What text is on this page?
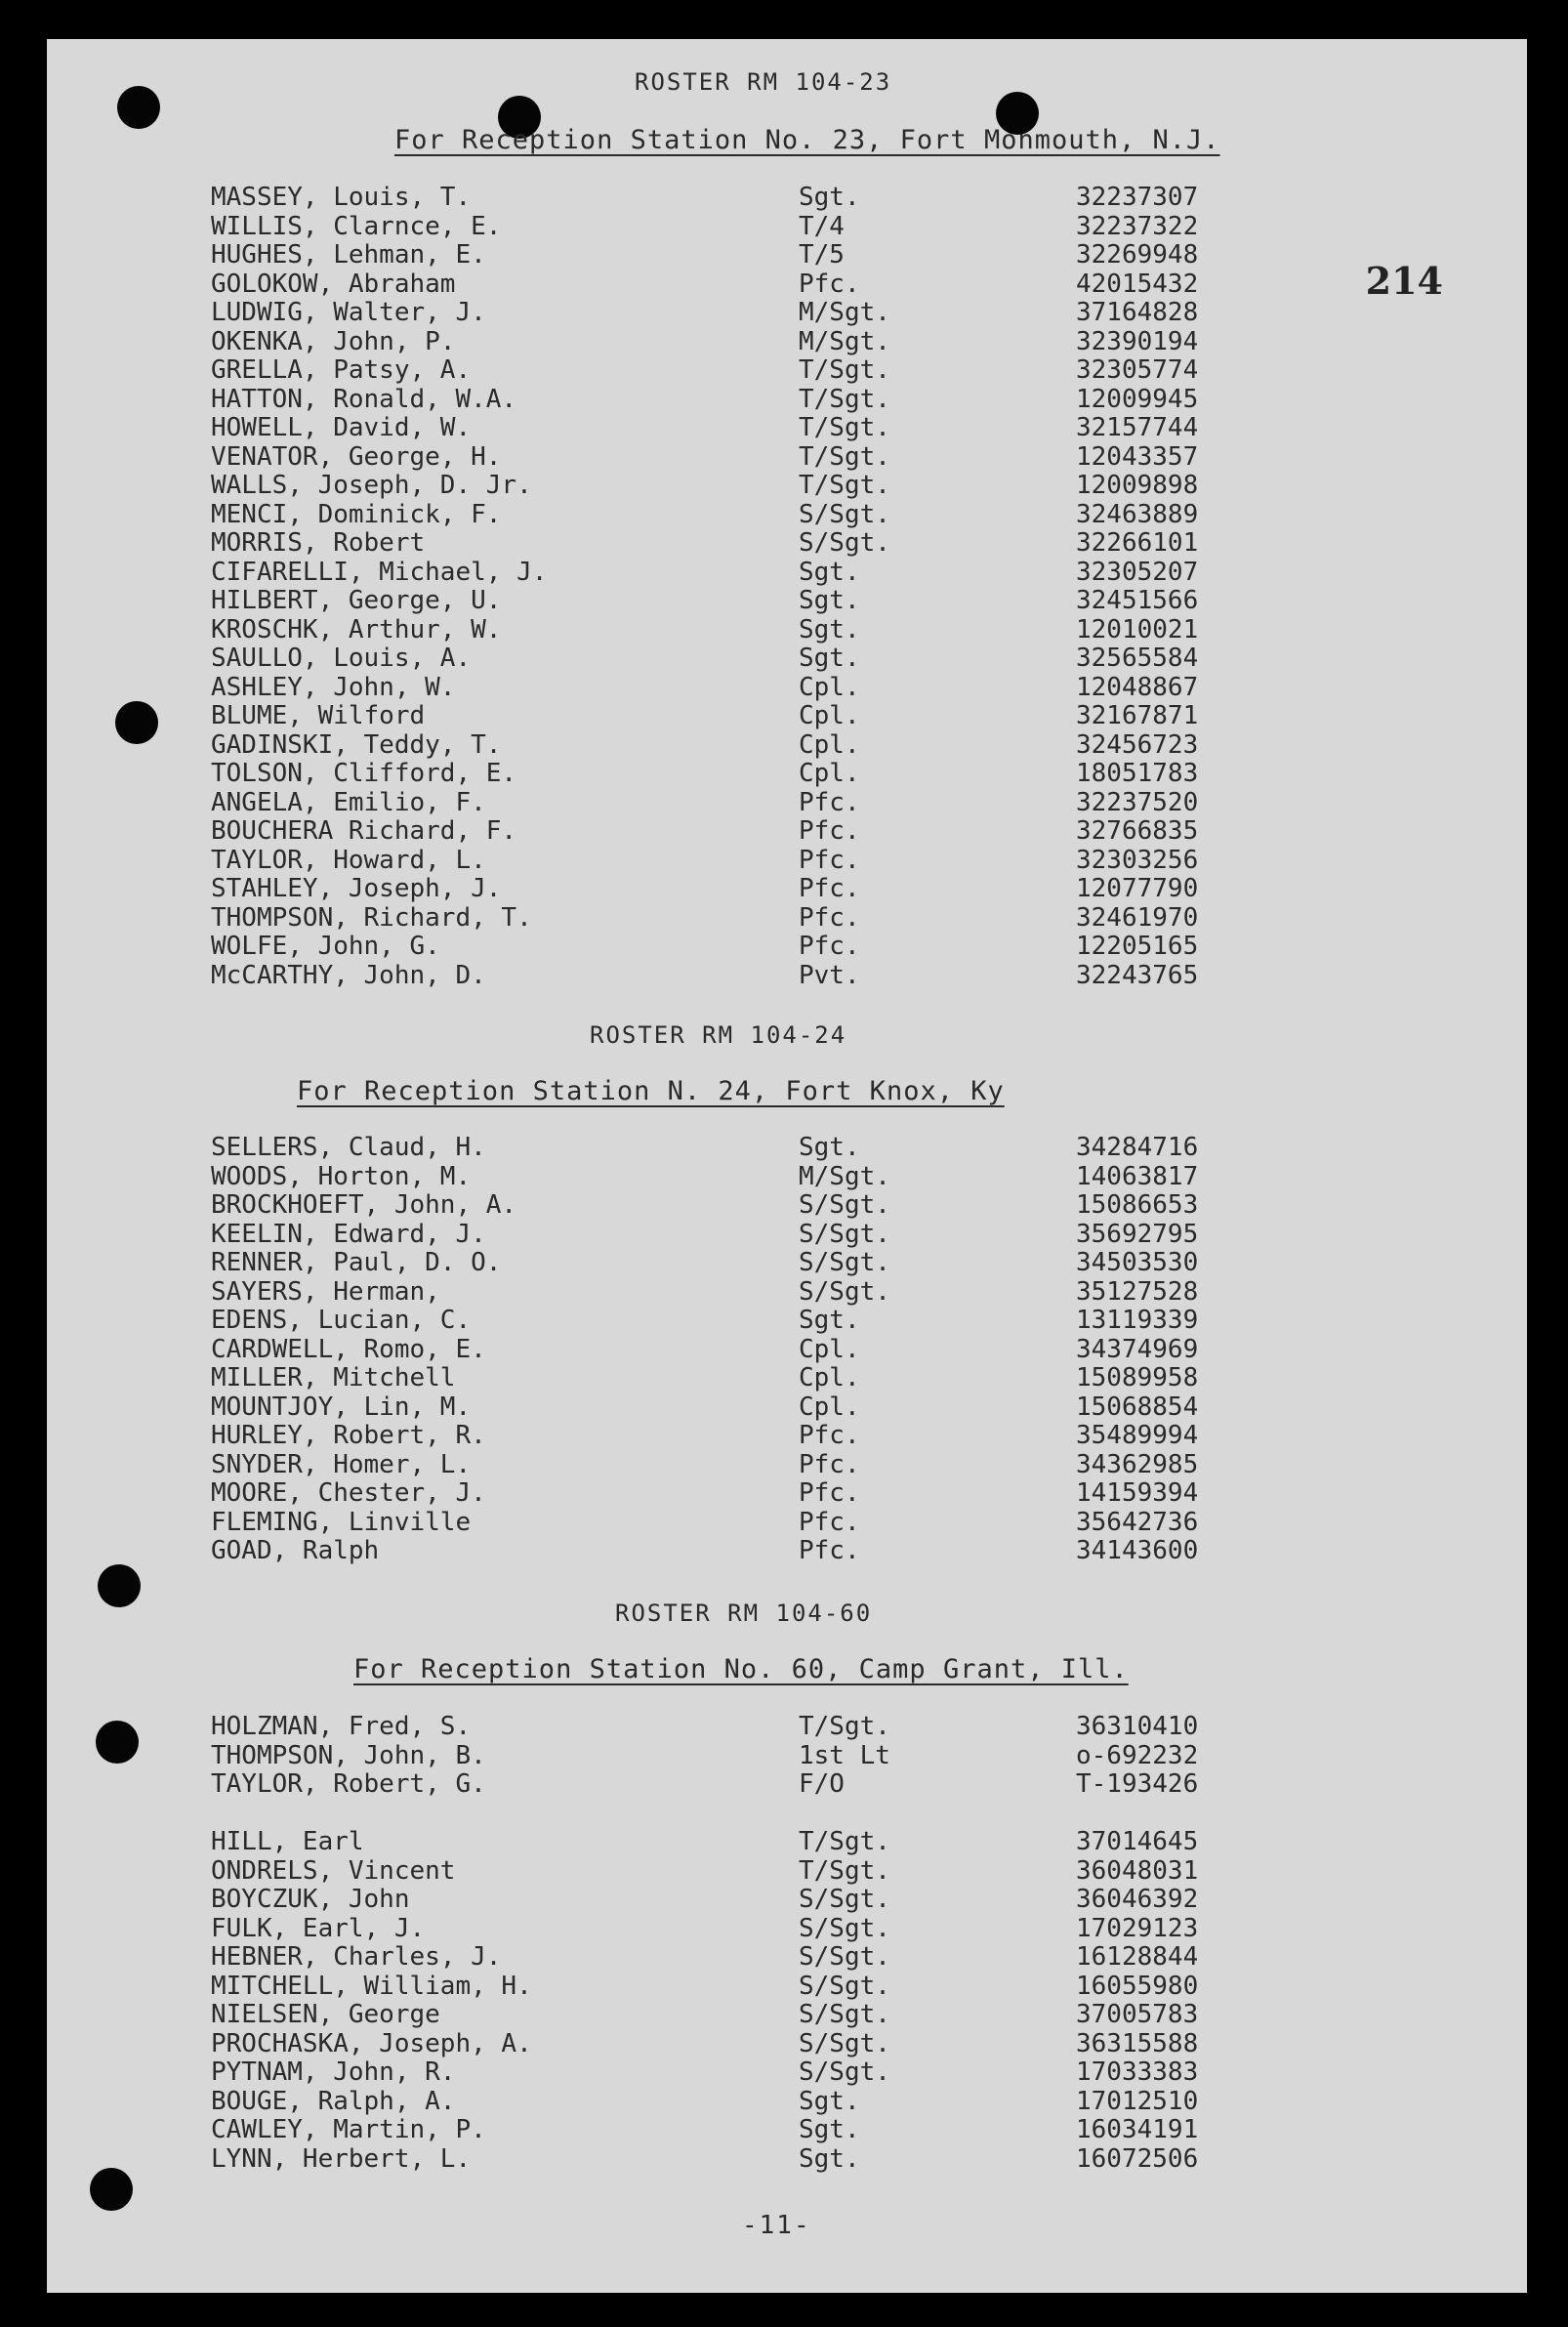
214
ROSTER RM 104-23
For Reception Station No. 23, Fort Monmouth, N.J.
MASSEY, Louis, T.	Sgt.	32237307
WILLIS, Clarnce, E.	T/4	32237322
HUGHES, Lehman, E.	T/5	32269948
GOLOKOW, Abraham	Pfc.	42015432
LUDWIG, Walter, J.	M/Sgt.	37164828
OKENKA, John, P.	M/Sgt.	32390194
GRELLA, Patsy, A.	T/Sgt.	32305774
HATTON, Ronald, W.A.	T/Sgt.	12009945
HOWELL, David, W.	T/Sgt.	32157744
VENATOR, George, H.	T/Sgt.	12043357
WALLS, Joseph, D. Jr.	T/Sgt.	12009898
MENCI, Dominick, F.	S/Sgt.	32463889
MORRIS, Robert	S/Sgt.	32266101
CIFARELLI, Michael, J.	Sgt.	32305207
HILBERT, George, U.	Sgt.	32451566
KROSCHK, Arthur, W.	Sgt.	12010021
SAULLO, Louis, A.	Sgt.	32565584
ASHLEY, John, W.	Cpl.	12048867
BLUME, Wilford	Cpl.	32167871
GADINSKI, Teddy, T.	Cpl.	32456723
TOLSON, Clifford, E.	Cpl.	18051783
ANGELA, Emilio, F.	Pfc.	32237520
BOUCHERA Richard, F.	Pfc.	32766835
TAYLOR, Howard, L.	Pfc.	32303256
STAHLEY, Joseph, J.	Pfc.	12077790
THOMPSON, Richard, T.	Pfc.	32461970
WOLFE, John, G.	Pfc.	12205165
McCARTHY, John, D.	Pvt.	32243765
ROSTER RM 104-24
For Reception Station N. 24, Fort Knox, Ky
SELLERS, Claud, H.	Sgt.	34284716
WOODS, Horton, M.	M/Sgt.	14063817
BROCKHOEFT, John, A.	S/Sgt.	15086653
KEELIN, Edward, J.	S/Sgt.	35692795
RENNER, Paul, D. O.	S/Sgt.	34503530
SAYERS, Herman,	S/Sgt.	35127528
EDENS, Lucian, C.	Sgt.	13119339
CARDWELL, Romo, E.	Cpl.	34374969
MILLER, Mitchell	Cpl.	15089958
MOUNTJOY, Lin, M.	Cpl.	15068854
HURLEY, Robert, R.	Pfc.	35489994
SNYDER, Homer, L.	Pfc.	34362985
MOORE, Chester, J.	Pfc.	14159394
FLEMING, Linville	Pfc.	35642736
GOAD, Ralph	Pfc.	34143600
ROSTER RM 104-60
For Reception Station No. 60, Camp Grant, Ill.
HOLZMAN, Fred, S.	T/Sgt.	36310410
THOMPSON, John, B.	1st Lt	o-692232
TAYLOR, Robert, G.	F/O	T-193426
HILL, Earl	T/Sgt.	37014645
ONDRELS, Vincent	T/Sgt.	36048031
BOYCZUK, John	S/Sgt.	36046392
FULK, Earl, J.	S/Sgt.	17029123
HEBNER, Charles, J.	S/Sgt.	16128844
MITCHELL, William, H.	S/Sgt.	16055980
NIELSEN, George	S/Sgt.	37005783
PROCHASKA, Joseph, A.	S/Sgt.	36315588
PYTNAM, John, R.	S/Sgt.	17033383
BOUGE, Ralph, A.	Sgt.	17012510
CAWLEY, Martin, P.	Sgt.	16034191
LYNN, Herbert, L.	Sgt.	16072506
-11-
